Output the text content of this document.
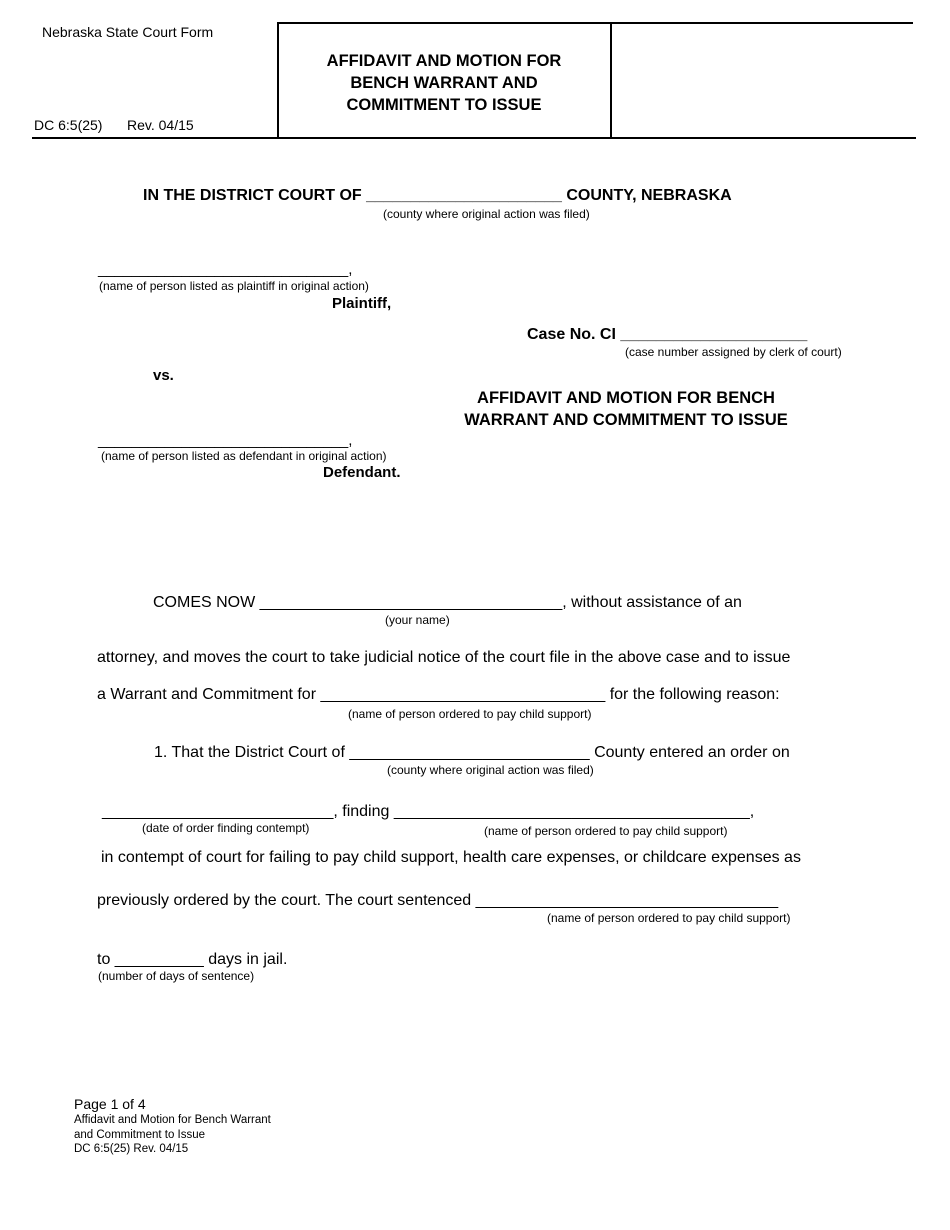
Nebraska State Court Form
DC 6:5(25) Rev. 04/15
AFFIDAVIT AND MOTION FOR
BENCH WARRANT AND
COMMITMENT TO ISSUE
IN THE DISTRICT COURT OF ______________________ COUNTY, NEBRASKA
(county where original action was filed)
______________________________,
(name of person listed as plaintiff in original action)
Plaintiff,
Case No. CI _____________________
(case number assigned by clerk of court)
vs.
AFFIDAVIT AND MOTION FOR BENCH
WARRANT AND COMMITMENT TO ISSUE
______________________________,
(name of person listed as defendant in original action)
Defendant.
COMES NOW __________________________________, without assistance of an
(your name)
attorney, and moves the court to take judicial notice of the court file in the above case and to issue
a Warrant and Commitment for ________________________________ for the following reason:
(name of person ordered to pay child support)
1. That the District Court of ___________________________ County entered an order on
(county where original action was filed)
__________________________, finding ________________________________________,
(date of order finding contempt)	(name of person ordered to pay child support)
in contempt of court for failing to pay child support, health care expenses, or childcare expenses as
previously ordered by the court. The court sentenced __________________________________
(name of person ordered to pay child support)
to __________ days in jail.
(number of days of sentence)
Page 1 of 4
Affidavit and Motion for Bench Warrant
and Commitment to Issue
DC 6:5(25) Rev. 04/15
